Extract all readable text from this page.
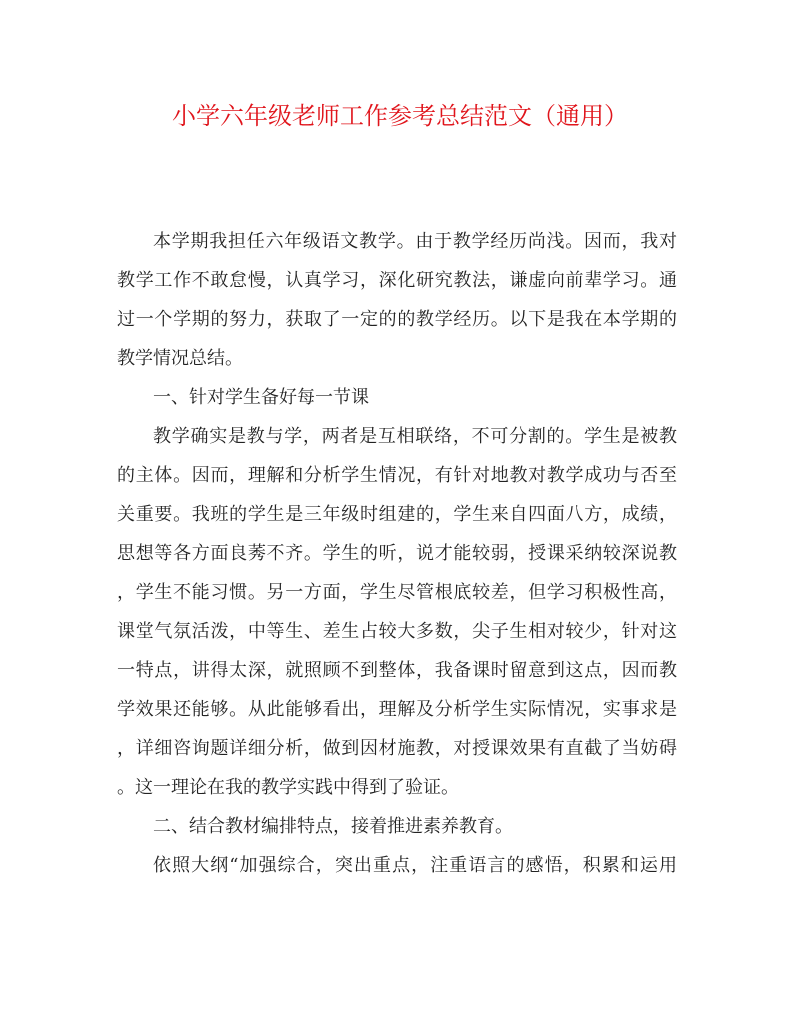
小学六年级老师工作参考总结范文（通用）
本学期我担任六年级语文教学。由于教学经历尚浅。因而，我对
教学工作不敢怠慢，认真学习，深化研究教法，谦虚向前辈学习。通
过一个学期的努力，获取了一定的的教学经历。以下是我在本学期的
教学情况总结。
一、针对学生备好每一节课
教学确实是教与学，两者是互相联络，不可分割的。学生是被教
的主体。因而，理解和分析学生情况，有针对地教对教学成功与否至
关重要。我班的学生是三年级时组建的，学生来自四面八方，成绩，
思想等各方面良莠不齐。学生的听，说才能较弱，授课采纳较深说教
，学生不能习惯。另一方面，学生尽管根底较差，但学习积极性高，
课堂气氛活泼，中等生、差生占较大多数，尖子生相对较少，针对这
一特点，讲得太深，就照顾不到整体，我备课时留意到这点，因而教
学效果还能够。从此能够看出，理解及分析学生实际情况，实事求是
，详细咨询题详细分析，做到因材施教，对授课效果有直截了当妨碍
。这一理论在我的教学实践中得到了验证。
二、结合教材编排特点，接着推进素养教育。
依照大纲“加强综合，突出重点，注重语言的感悟，积累和运用
